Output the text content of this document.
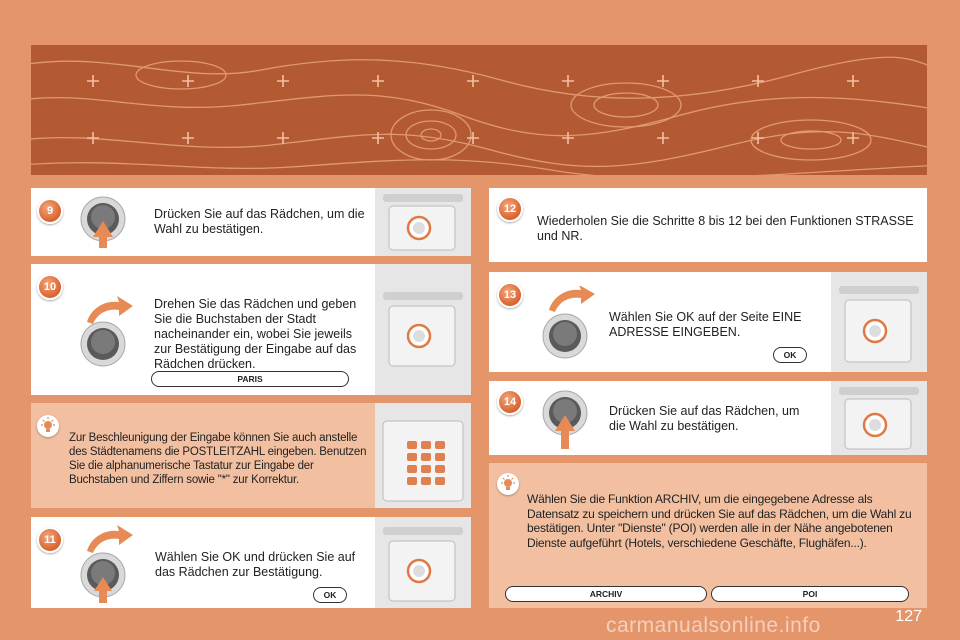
9	Drücken Sie auf das Rädchen, um die Wahl zu bestätigen.
10
Drehen Sie das Rädchen und geben Sie die Buchstaben der Stadt nacheinander ein, wobei Sie jeweils zur Bestätigung der Eingabe auf das Rädchen drücken.
PARIS
Zur Beschleunigung der Eingabe können Sie auch anstelle des Städtenamens die POSTLEITZAHL eingeben. Benutzen Sie die alphanumerische Tastatur zur Eingabe der Buchstaben und Ziffern sowie "*" zur Korrektur.
11
Wählen Sie OK und drücken Sie auf das Rädchen zur Bestätigung.
OK
12
Wiederholen Sie die Schritte 8 bis 12 bei den Funktionen STRASSE und NR.
13
Wählen Sie OK auf der Seite EINE ADRESSE EINGEBEN.
OK
14
Drücken Sie auf das Rädchen, um die Wahl zu bestätigen.
Wählen Sie die Funktion ARCHIV, um die eingegebene Adresse als Datensatz zu speichern und drücken Sie auf das Rädchen, um die Wahl zu bestätigen. Unter "Dienste" (POI) werden alle in der Nähe angebotenen Dienste aufgeführt (Hotels, verschiedene Geschäfte, Flughäfen...).
ARCHIV	POI
127
carmanualsonline.info
